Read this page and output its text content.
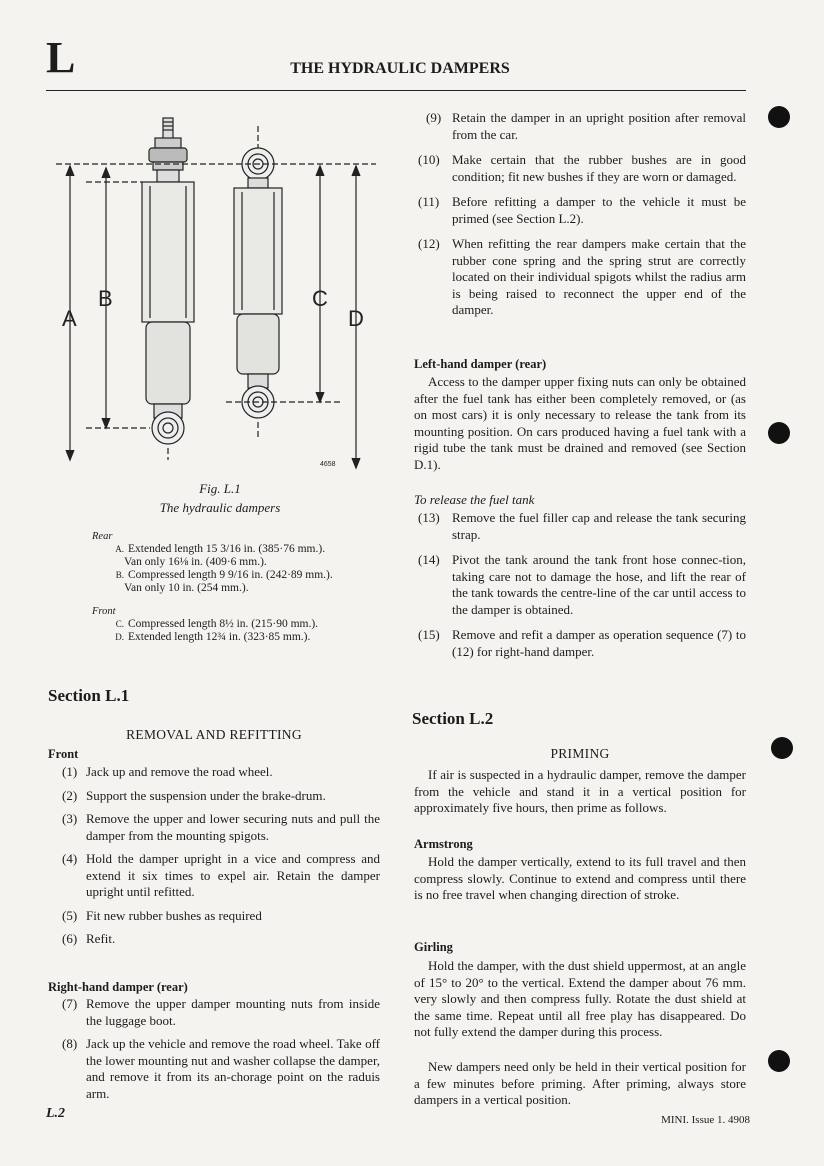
L	THE HYDRAULIC DAMPERS
A
B	C
D
4658
Fig. L.1
The hydraulic dampers
Rear
A. Extended length 15 3/16 in. (385·76 mm.).
Van only 16⅛ in. (409·6 mm.).
B. Compressed length 9 9/16 in. (242·89 mm.).
Van only 10 in. (254 mm.).
Front
C. Compressed length 8½ in. (215·90 mm.).
D. Extended length 12¾ in. (323·85 mm.).
Section L.1
REMOVAL AND REFITTING
Front
(1) Jack up and remove the road wheel.
(2) Support the suspension under the brake-drum.
(3) Remove the upper and lower securing nuts and pull the damper from the mounting spigots.
(4) Hold the damper upright in a vice and compress and extend it six times to expel air. Retain the damper upright until refitted.
(5) Fit new rubber bushes as required
(6) Refit.
Right-hand damper (rear)
(7) Remove the upper damper mounting nuts from inside the luggage boot.
(8) Jack up the vehicle and remove the road wheel. Take off the lower mounting nut and washer collapse the damper, and remove it from its an-chorage point on the raduis arm.
(9) Retain the damper in an upright position after removal from the car.
(10) Make certain that the rubber bushes are in good condition; fit new bushes if they are worn or damaged.
(11) Before refitting a damper to the vehicle it must be primed (see Section L.2).
(12) When refitting the rear dampers make certain that the rubber cone spring and the spring strut are correctly located on their individual spigots whilst the radius arm is being raised to reconnect the upper end of the damper.
Left-hand damper (rear)
Access to the damper upper fixing nuts can only be obtained after the fuel tank has either been completely removed, or (as on most cars) it is only necessary to release the tank from its mounting position. On cars produced having a fuel tank with a rigid tube the tank must be drained and removed (see Section D.1).
To release the fuel tank
(13) Remove the fuel filler cap and release the tank securing strap.
(14) Pivot the tank around the tank front hose connec-tion, taking care not to damage the hose, and lift the rear of the tank towards the centre-line of the car until access to the damper is obtained.
(15) Remove and refit a damper as operation sequence (7) to (12) for right-hand damper.
Section L.2
PRIMING
If air is suspected in a hydraulic damper, remove the damper from the vehicle and stand it in a vertical position for approximately five hours, then prime as follows.
Armstrong
Hold the damper vertically, extend to its full travel and then compress slowly. Continue to extend and compress until there is no free travel when changing direction of stroke.
Girling
Hold the damper, with the dust shield uppermost, at an angle of 15° to 20° to the vertical. Extend the damper about 76 mm. very slowly and then compress fully. Rotate the dust shield at the same time. Repeat until all free play has disappeared. Do not fully extend the damper during this process.
New dampers need only be held in their vertical position for a few minutes before priming. After priming, always store dampers in a vertical position.
L.2	MINI. Issue 1. 4908
